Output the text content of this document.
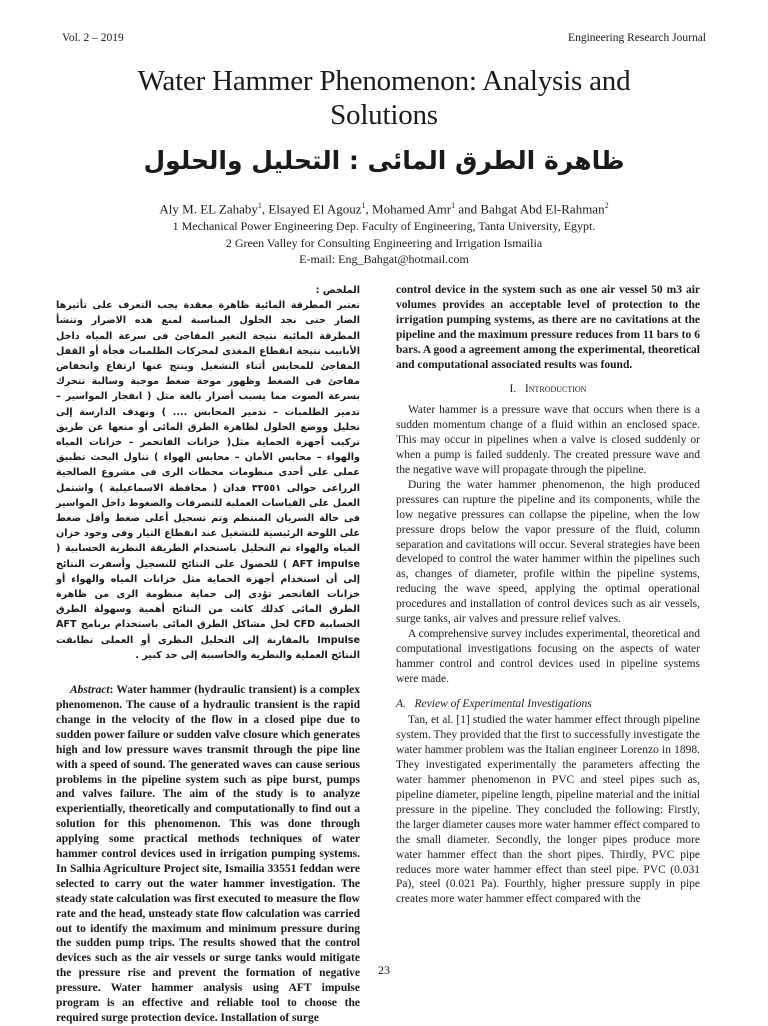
Vol. 2 – 2019	Engineering Research Journal
Water Hammer Phenomenon: Analysis and
Solutions
ظاهرة الطرق المائى : التحليل والحلول
Aly M. EL Zahaby$^1$, Elsayed El Agouz$^1$, Mohamed Amr$^1$ and Bahgat Abd El-Rahman$^2$
1 Mechanical Power Engineering Dep. Faculty of Engineering, Tanta University, Egypt.
2 Green Valley for Consulting Engineering and Irrigation Ismailia
E-mail: Eng_Bahgat@hotmail.com

الملخص :
تعتبر المطرقة المائية ظاهرة معقدة يجب التعرف على تأثيرها الضار حتى نجد الحلول المناسبة لمنع هذه الاضرار وتنشأ المطرقة المائية نتيجة التغير المفاجئ فى سرعة المياه داخل الأنابيب نتيجة انقطاع المغذى لمحركات الطلمبات فجأة أو القفل المفاجئ للمحابس أثناء التشغيل وينتج عنها ارتفاع وانخفاض مفاجئ فى الضغط وظهور موجة ضغط موجبة وسالبة تتحرك بسرعة الصوت مما يسبب أضرار بالغة مثل ( انفجار المواسير – تدمير الطلمبات – تدمير المحابس .... ) ونهدف الدارسة إلى تحليل ووضع الحلول لظاهرة الطرق المائى أو منعها عن طريق تركيب أجهزة الحماية مثل( خزانات الفاتحمر – خزانات المياه والهواء – محابس الأمان – محابس الهواء ) تناول البحث تطبيق عملى على أحدى منظومات محطات الرى فى مشروع الصالحية الزراعى حوالى ٣٣٥٥١ فدان ( محافظة الاسماعيلية ) واشتمل العمل على القياسات العملية للتصرفات والضغوط داخل المواسير فى حالة السريان المنتظم وتم تسجيل أعلى ضغط وأقل ضغط على اللوحة الرئيسية للتشغيل عند انقطاع التيار وفى وجود خزان المياه والهواء تم التحليل باستخدام الطريقة النظرية الحسابية ( AFT impulse ) للحصول على النتائج للتسجيل وأسفرت النتائج إلى أن استخدام أجهزة الحماية مثل خزانات المياه والهواء أو خزانات الفاتحمر تؤدى إلى حماية منظومة الرى من ظاهرة الطرق المائى كذلك كانت من النتائج أهمية وسهولة الطرق الحسابية CFD لحل مشاكل الطرق المائى باستخدام برنامج AFT Impulse بالمقارنة إلى التحليل النظرى أو العملى تطابقت النتائج العملية والنظرية والحاسبية إلى حد كبير .

Abstract: Water hammer (hydraulic transient) is a complex phenomenon. The cause of a hydraulic transient is the rapid change in the velocity of the flow in a closed pipe due to sudden power failure or sudden valve closure which generates high and low pressure waves transmit through the pipe line with a speed of sound. The generated waves can cause serious problems in the pipeline system such as pipe burst, pumps and valves failure. The aim of the study is to analyze experientially, theoretically and computationally to find out a solution for this phenomenon. This was done through applying some practical methods techniques of water hammer control devices used in irrigation pumping systems. In Salhia Agriculture Project site, Ismailia 33551 feddan were selected to carry out the water hammer investigation. The steady state calculation was first executed to measure the flow rate and the head, unsteady state flow calculation was carried out to identify the maximum and minimum pressure during the sudden pump trips. The results showed that the control devices such as the air vessels or surge tanks would mitigate the pressure rise and prevent the formation of negative pressure. Water hammer analysis using AFT impulse program is an effective and reliable tool to choose the required surge protection device. Installation of surge

control device in the system such as one air vessel 50 m3 air volumes provides an acceptable level of protection to the irrigation pumping systems, as there are no cavitations at the pipeline and the maximum pressure reduces from 11 bars to 6 bars. A good a agreement among the experimental, theoretical and computational associated results was found.

I. Introduction

Water hammer is a pressure wave that occurs when there is a sudden momentum change of a fluid within an enclosed space. This may occur in pipelines when a valve is closed suddenly or when a pump is failed suddenly. The created pressure wave and the negative wave will propagate through the pipeline.

During the water hammer phenomenon, the high produced pressures can rupture the pipeline and its components, while the low negative pressures can collapse the pipeline, when the low pressure drops below the vapor pressure of the fluid, column separation and cavitations will occur. Several strategies have been developed to control the water hammer within the pipelines such as, changes of diameter, profile within the pipeline systems, reducing the wave speed, applying the optimal operational procedures and installation of control devices such as air vessels, surge tanks, air valves and pressure relief valves.

A comprehensive survey includes experimental, theoretical and computational investigations focusing on the aspects of water hammer control and control devices used in pipeline systems were made.

A. Review of Experimental Investigations

Tan, et al. [1] studied the water hammer effect through pipeline system. They provided that the first to successfully investigate the water hammer problem was the Italian engineer Lorenzo in 1898. They investigated experimentally the parameters affecting the water hammer phenomenon in PVC and steel pipes such as, pipeline diameter, pipeline length, pipeline material and the initial pressure in the pipeline. They concluded the following: Firstly, the larger diameter causes more water hammer effect compared to the small diameter. Secondly, the longer pipes produce more water hammer effect than the short pipes. Thirdly, PVC pipe reduces more water hammer effect than steel pipe. PVC (0.031 Pa), steel (0.021 Pa). Fourthly, higher pressure supply in pipe creates more water hammer effect compared with the

23
